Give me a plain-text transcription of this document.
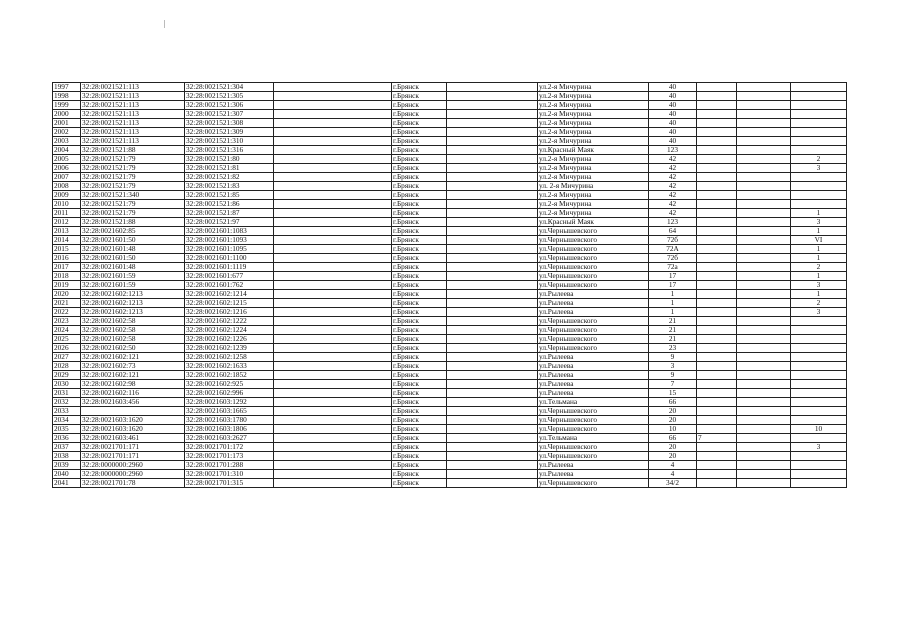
1997	32:28:0021521:113	32:28:0021521:304		г.Брянск		ул.2-я Мичурина	40			
1998	32:28:0021521:113	32:28:0021521:305		г.Брянск		ул.2-я Мичурина	40			
1999	32:28:0021521:113	32:28:0021521:306		г.Брянск		ул.2-я Мичурина	40			
2000	32:28:0021521:113	32:28:0021521:307		г.Брянск		ул.2-я Мичурина	40			
2001	32:28:0021521:113	32:28:0021521:308		г.Брянск		ул.2-я Мичурина	40			
2002	32:28:0021521:113	32:28:0021521:309		г.Брянск		ул.2-я Мичурина	40			
2003	32:28:0021521:113	32:28:0021521:310		г.Брянск		ул.2-я Мичурина	40			
2004	32:28:0021521:88	32:28:0021521:316		г.Брянск		ул.Красный Маяк	123			
2005	32:28:0021521:79	32:28:0021521:80		г.Брянск		ул.2-я Мичурина	42			2
2006	32:28:0021521:79	32:28:0021521:81		г.Брянск		ул.2-я Мичурина	42			3
2007	32:28:0021521:79	32:28:0021521:82		г.Брянск		ул.2-я Мичурина	42			
2008	32:28:0021521:79	32:28:0021521:83		г.Брянск		ул. 2-я Мичурина	42			
2009	32:28:0021521:340	32:28:0021521:85		г.Брянск		ул.2-я Мичурина	42			
2010	32:28:0021521:79	32:28:0021521:86		г.Брянск		ул.2-я Мичурина	42			
2011	32:28:0021521:79	32:28:0021521:87		г.Брянск		ул.2-я Мичурина	42			1
2012	32:28:0021521:88	32:28:0021521:97		г.Брянск		ул.Красный Маяк	123			3
2013	32:28:0021602:85	32:28:0021601:1083		г.Брянск		ул.Чернышевского	64			1
2014	32:28:0021601:50	32:28:0021601:1093		г.Брянск		ул.Чернышевского	72б			VI
2015	32:28:0021601:48	32:28:0021601:1095		г.Брянск		ул.Чернышевского	72А			1
2016	32:28:0021601:50	32:28:0021601:1100		г.Брянск		ул.Чернышевского	72б			1
2017	32:28:0021601:48	32:28:0021601:1119		г.Брянск		ул.Чернышевского	72а			2
2018	32:28:0021601:59	32:28:0021601:677		г.Брянск		ул.Чернышевского	17			1
2019	32:28:0021601:59	32:28:0021601:762		г.Брянск		ул.Чернышевского	17			3
2020	32:28:0021602:1213	32:28:0021602:1214		г.Брянск		ул.Рылеева	1			1
2021	32:28:0021602:1213	32:28:0021602:1215		г.Брянск		ул.Рылеева	1			2
2022	32:28:0021602:1213	32:28:0021602:1216		г.Брянск		ул.Рылеева	1			3
2023	32:28:0021602:58	32:28:0021602:1222		г.Брянск		ул.Чернышевского	21			
2024	32:28:0021602:58	32:28:0021602:1224		г.Брянск		ул.Чернышевского	21			
2025	32:28:0021602:58	32:28:0021602:1226		г.Брянск		ул.Чернышевского	21			
2026	32:28:0021602:50	32:28:0021602:1239		г.Брянск		ул.Чернышевского	23			
2027	32:28:0021602:121	32:28:0021602:1258		г.Брянск		ул.Рылеева	9			
2028	32:28:0021602:73	32:28:0021602:1633		г.Брянск		ул.Рылеева	3			
2029	32:28:0021602:121	32:28:0021602:1852		г.Брянск		ул.Рылеева	9			
2030	32:28:0021602:98	32:28:0021602:925		г.Брянск		ул.Рылеева	7			
2031	32:28:0021602:116	32:28:0021602:996		г.Брянск		ул.Рылеева	15			
2032	32:28:0021603:456	32:28:0021603:1292		г.Брянск		ул.Тельмана	66			
2033		32:28:0021603:1665		г.Брянск		ул.Чернышевского	20			
2034	32:28:0021603:1620	32:28:0021603:1780		г.Брянск		ул.Чернышевского	20			
2035	32:28:0021603:1620	32:28:0021603:1806		г.Брянск		ул.Чернышевского	10			10
2036	32:28:0021603:461	32:28:0021603:2627		г.Брянск		ул.Тельмана	66	7		
2037	32:28:0021701:171	32:28:0021701:172		г.Брянск		ул.Чернышевского	20			3
2038	32:28:0021701:171	32:28:0021701:173		г.Брянск		ул.Чернышевского	20			
2039	32:28:0000000:2960	32:28:0021701:288		г.Брянск		ул.Рылеева	4			
2040	32:28:0000000:2960	32:28:0021701:310		г.Брянск		ул.Рылеева	4			
2041	32:28:0021701:78	32:28:0021701:315		г.Брянск		ул.Чернышевского	34/2			
